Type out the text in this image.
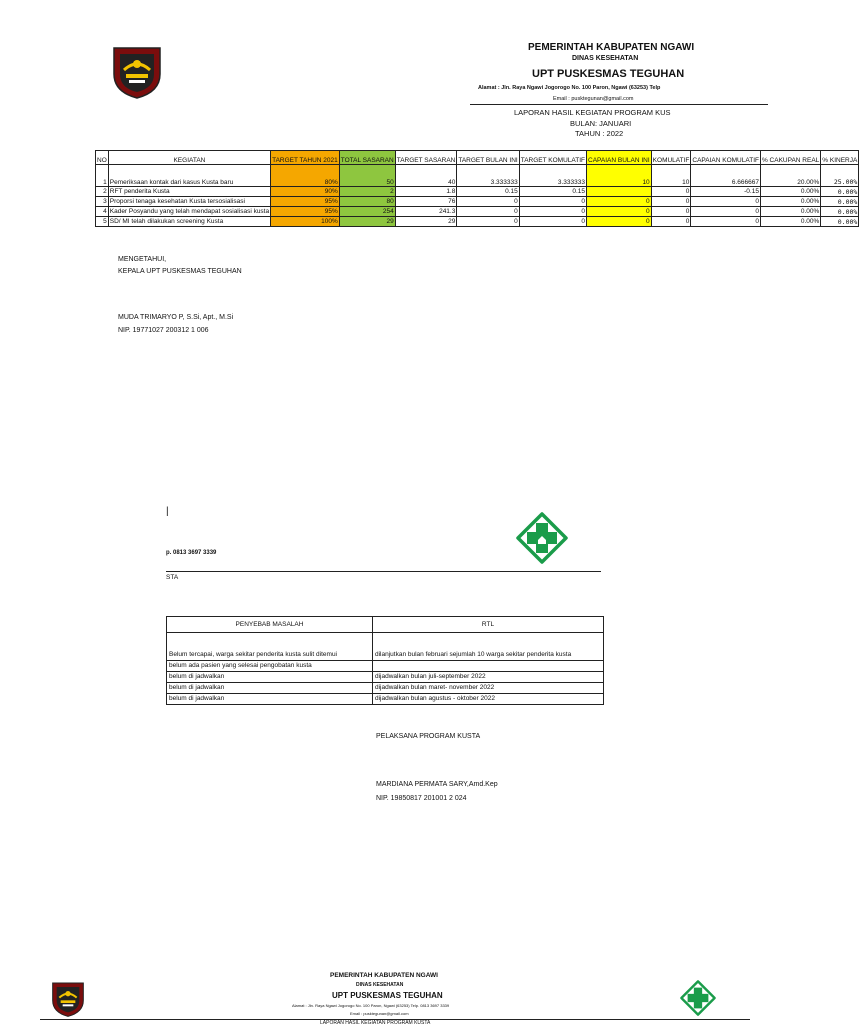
PEMERINTAH KABUPATEN NGAWI
DINAS KESEHATAN
UPT PUSKESMAS TEGUHAN
Alamat : Jln. Raya Ngawi Jogorogo No. 100 Paron, Ngawi (63253) Telp
Email : pusktegunan@gmail.com
LAPORAN HASIL KEGIATAN PROGRAM KUS
BULAN: JANUARI
TAHUN : 2022
NO	KEGIATAN	TARGET TAHUN 2021	TOTAL SASARAN	TARGET SASARAN	TARGET BULAN INI	TARGET KOMULATIF	CAPAIAN BULAN INI	KOMULATIF	CAPAIAN KOMULATIF	% CAKUPAN REAL	% KINERJA
1	Pemeriksaan kontak dari kasus Kusta baru	80%	50	40	3.333333	3.333333	10	10	6.666667	20.00%	25.00%
2	RFT penderita Kusta	90%	2	1.8	0.15	0.15		0	-0.15	0.00%	0.00%
3	Proporsi tenaga kesehatan Kusta tersosialisasi	95%	80	76	0	0	0	0	0	0.00%	0.00%
4	Kader Posyandu yang telah mendapat sosialisasi kusta	95%	254	241.3	0	0	0	0	0	0.00%	0.00%
5	SD/ MI telah dilakukan screening Kusta	100%	29	29	0	0	0	0	0	0.00%	0.00%
MENGETAHUI,
KEPALA UPT PUSKESMAS TEGUHAN
MUDA TRIMARYO P, S.Si, Apt., M.Si
NIP. 19771027 200312 1 006
|
p. 0813 3697 3339
STA
PENYEBAB MASALAH	RTL
Belum tercapai, warga sekitar penderita kusta sulit ditemui	dilanjutkan bulan februari sejumlah 10 warga sekitar penderita kusta
belum ada pasien yang selesai pengobatan kusta	
belum di jadwalkan	dijadwalkan bulan juli-september 2022
belum di jadwalkan	dijadwalkan bulan maret- november 2022
belum di jadwalkan	dijadwalkan bulan agustus - oktober 2022
PELAKSANA PROGRAM KUSTA
MARDIANA PERMATA SARY,Amd.Kep
NIP. 19850817 201001 2 024
PEMERINTAH KABUPATEN NGAWI
DINAS KESEHATAN
UPT PUSKESMAS TEGUHAN
Alamat : Jln. Raya Ngawi Jogorogo No. 100 Paron, Ngawi (63253) Telp. 0813 3697 3339
Email : pusktegunan@gmail.com
LAPORAN HASIL KEGIATAN PROGRAM KUSTA
